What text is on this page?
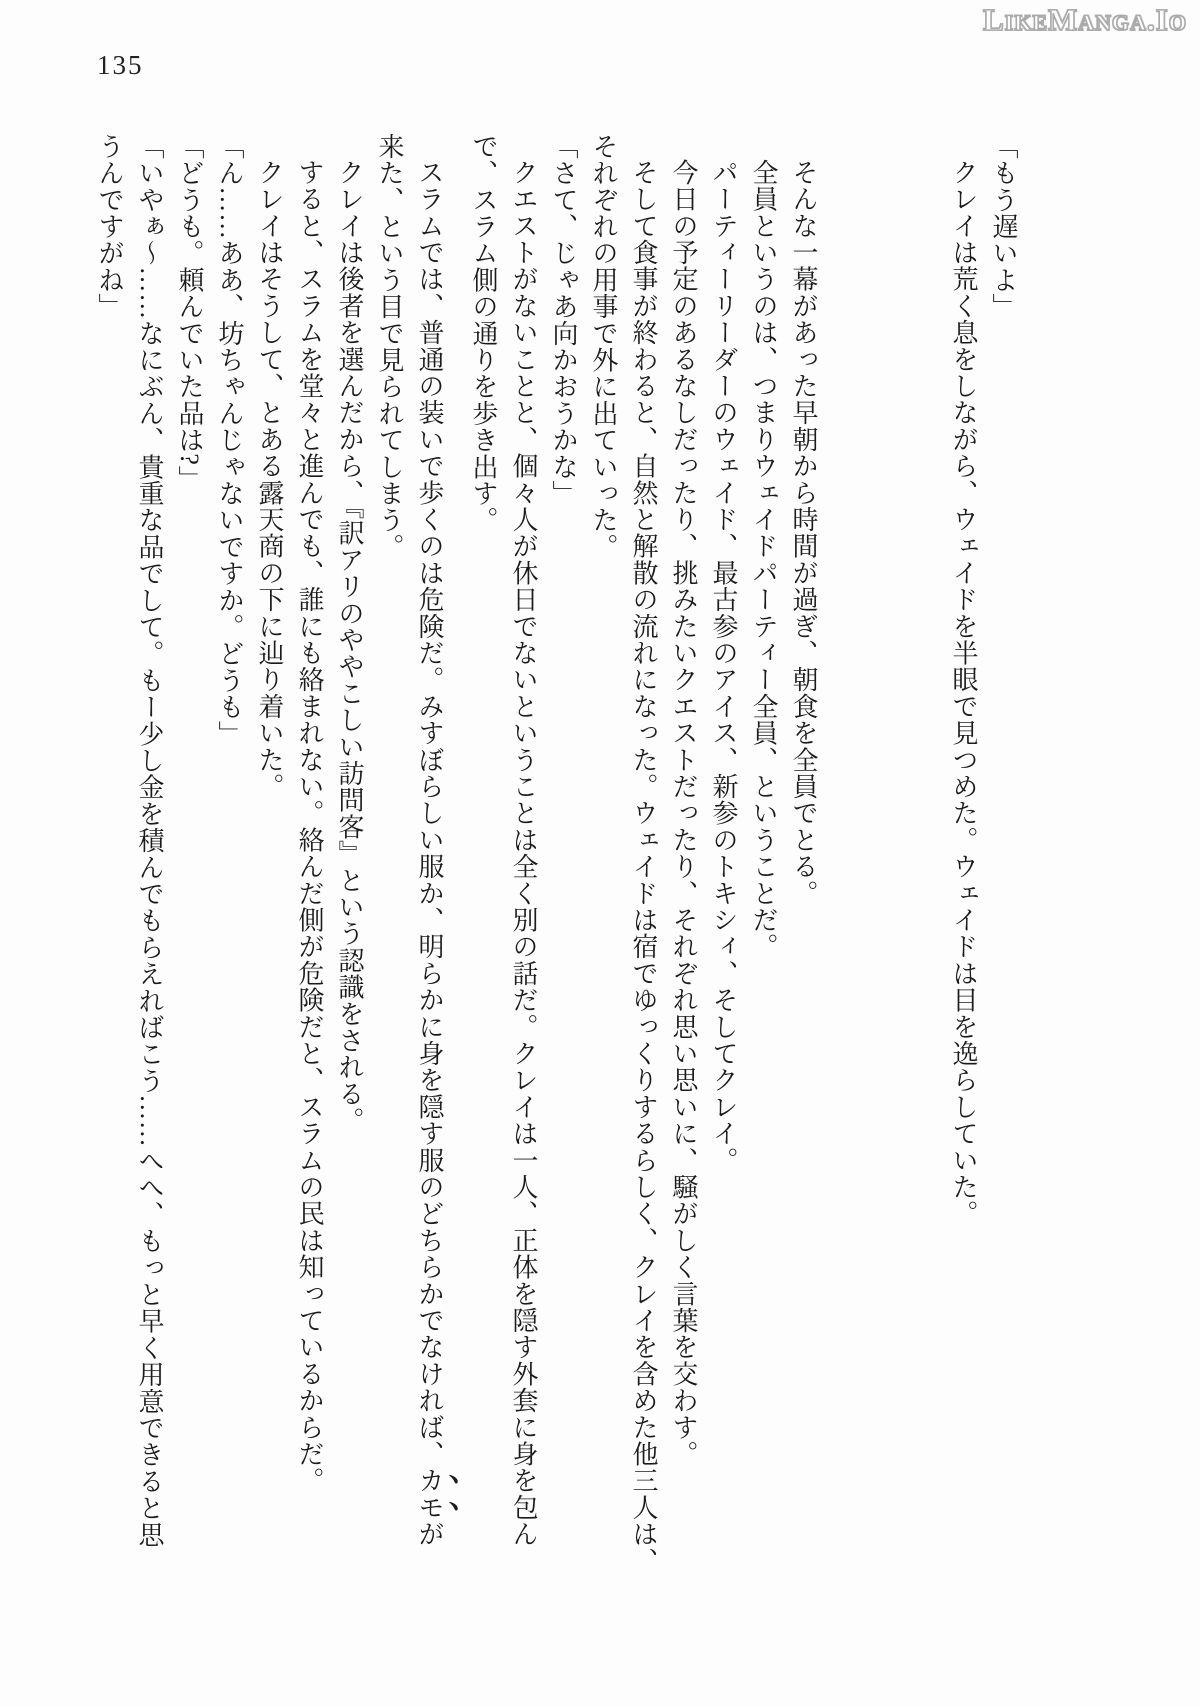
135
LikeManga.Io

「もう遅いよ」

クレイは荒く息をしながら、ウェイドを半眼で見つめた。ウェイドは目を逸らしていた。

そんな一幕があった早朝から時間が過ぎ、朝食を全員でとる。

全員というのは、つまりウェイドパーティー全員、ということだ。

パーティーリーダーのウェイド、最古参のアイス、新参のトキシィ、そしてクレイ。

今日の予定のあるなしだったり、挑みたいクエストだったり、それぞれ思い思いに、騒がしく言葉を交わす。

そして食事が終わると、自然と解散の流れになった。ウェイドは宿でゆっくりするらしく、クレイを含めた他三人は、

それぞれの用事で外に出ていった。

「さて、じゃあ向かおうかな」

クエストがないことと、個々人が休日でないということは全く別の話だ。クレイは一人、正体を隠す外套に身を包ん

で、スラム側の通りを歩き出す。

スラムでは、普通の装いで歩くのは危険だ。みすぼらしい服か、明らかに身を隠す服のどちらかでなければ、カモが

来た、という目で見られてしまう。

クレイは後者を選んだから、『訳アリのややこしい訪問客』という認識をされる。

すると、スラムを堂々と進んでも、誰にも絡まれない。絡んだ側が危険だと、スラムの民は知っているからだ。

クレイはそうして、とある露天商の下に辿り着いた。

「ん……ああ、坊ちゃんじゃないですか。どうも」

「どうも。頼んでいた品は?」

「いやぁ〜……なにぶん、貴重な品でして。もー少し金を積んでもらえればこう……へへ、もっと早く用意できると思

うんですがね」
